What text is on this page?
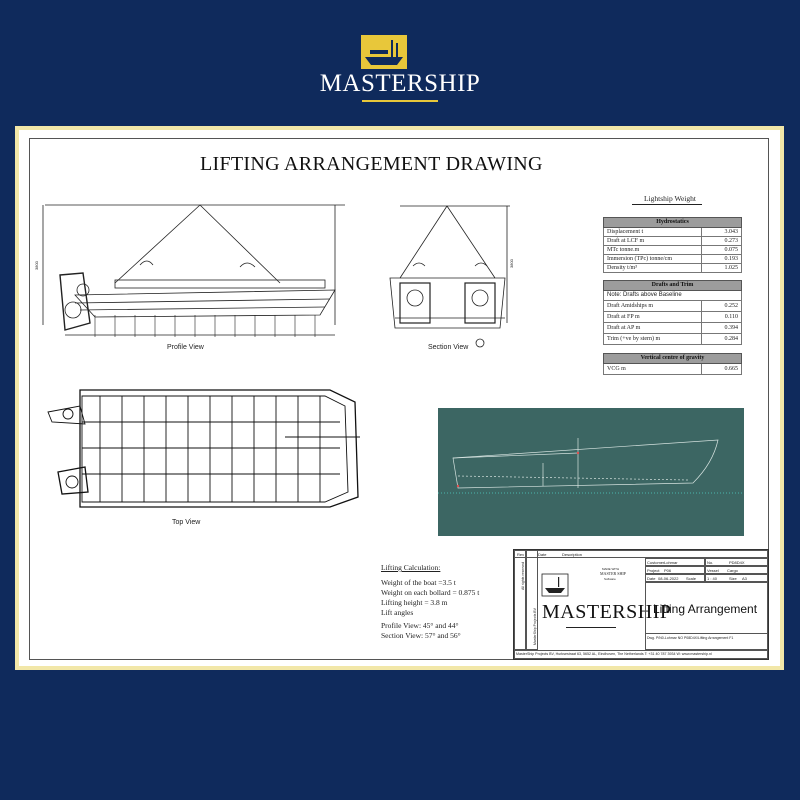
MASTERSHIP
LIFTING ARRANGEMENT DRAWING
3800
Profile View
3800
Section View
Top View
Lightship Weight
Hydrostatics
Displacement t	3.043
Draft at LCF m	0.273
MTc tonne.m	0.075
Immersion (TPc) tonne/cm	0.193
Density t/m³	1.025
Drafts and Trim
Note: Drafts above Baseline
Draft Amidships m	0.252
Draft at FP m	0.110
Draft at AP m	0.394
Trim (+ve by stern) m	0.284
Vertical centre of gravity
VCG m	0.665
Lifting Calculation:
Weight of the boat =3.5 t
Weight on each bollard = 0.875 t
Lifting height = 3.8 m
Lift angles
Profile View: 45° and 44°
Section View: 57° and 56°
All rights reserved
MasterShip Projects BV
Rev	Date	Description
MADE WITH
MASTER SHIP
Software
MASTERSHIP
Customer Lohmar	No.	PD8D4X
Project P06	Vessel Cargo
Date 08-06-2022 Scale	1 : 40	Size A3
Lifting Arrangement
Dwg. P/N0-Lohmar NO P08D4X/Lifting Arrangement F1
MasterShip Projects BV, Hurksestraat 63, 5652 AL, Eindhoven, The Netherlands T: +31 40 787 3934 W: www.mastership.nl
